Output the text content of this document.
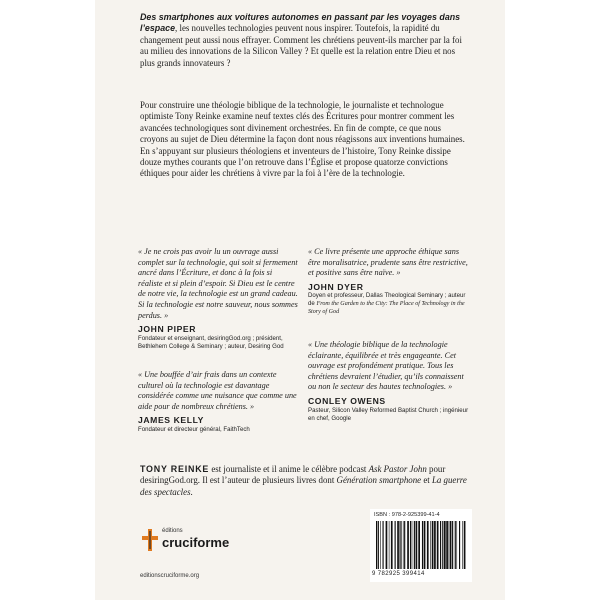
Des smartphones aux voitures autonomes en passant par les voyages dans l’espace, les nouvelles technologies peuvent nous inspirer. Toutefois, la rapidité du changement peut aussi nous effrayer. Comment les chrétiens peuvent-ils marcher par la foi au milieu des innovations de la Silicon Valley ? Et quelle est la relation entre Dieu et nos plus grands innovateurs ?

Pour construire une théologie biblique de la technologie, le journaliste et technologue optimiste Tony Reinke examine neuf textes clés des Écritures pour montrer comment les avancées technologiques sont divinement orchestrées. En fin de compte, ce que nous croyons au sujet de Dieu détermine la façon dont nous réagissons aux inventions humaines. En s’appuyant sur plusieurs théologiens et inventeurs de l’histoire, Tony Reinke dissipe douze mythes courants que l’on retrouve dans l’Église et propose quatorze convictions éthiques pour aider les chrétiens à vivre par la foi à l’ère de la technologie.

« Je ne crois pas avoir lu un ouvrage aussi complet sur la technologie, qui soit si fermement ancré dans l’Écriture, et donc à la fois si réaliste et si plein d’espoir. Si Dieu est le centre de notre vie, la technologie est un grand cadeau. Si la technologie est notre sauveur, nous sommes perdus. »

JOHN PIPER
Fondateur et enseignant, desiringGod.org ; président, Bethlehem College & Seminary ; auteur, Desiring God

« Une bouffée d’air frais dans un contexte culturel où la technologie est davantage considérée comme une nuisance que comme une aide pour de nombreux chrétiens. »

JAMES KELLY
Fondateur et directeur général, FaithTech

« Ce livre présente une approche éthique sans être moralisatrice, prudente sans être restrictive, et positive sans être naïve. »

JOHN DYER
Doyen et professeur, Dallas Theological Seminary ; auteur de From the Garden to the City: The Place of Technology in the Story of God

« Une théologie biblique de la technologie éclairante, équilibrée et très engageante. Cet ouvrage est profondément pratique. Tous les chrétiens devraient l’étudier, qu’ils connaissent ou non le secteur des hautes technologies. »

CONLEY OWENS
Pasteur, Silicon Valley Reformed Baptist Church ; ingénieur en chef, Google
TONY REINKE est journaliste et il anime le célèbre podcast Ask Pastor John pour desiringGod.org. Il est l’auteur de plusieurs livres dont Génération smartphone et La guerre des spectacles.
éditions
cruciforme
editionscruciforme.org
ISBN : 978-2-925399-41-4
9 782925 399414
